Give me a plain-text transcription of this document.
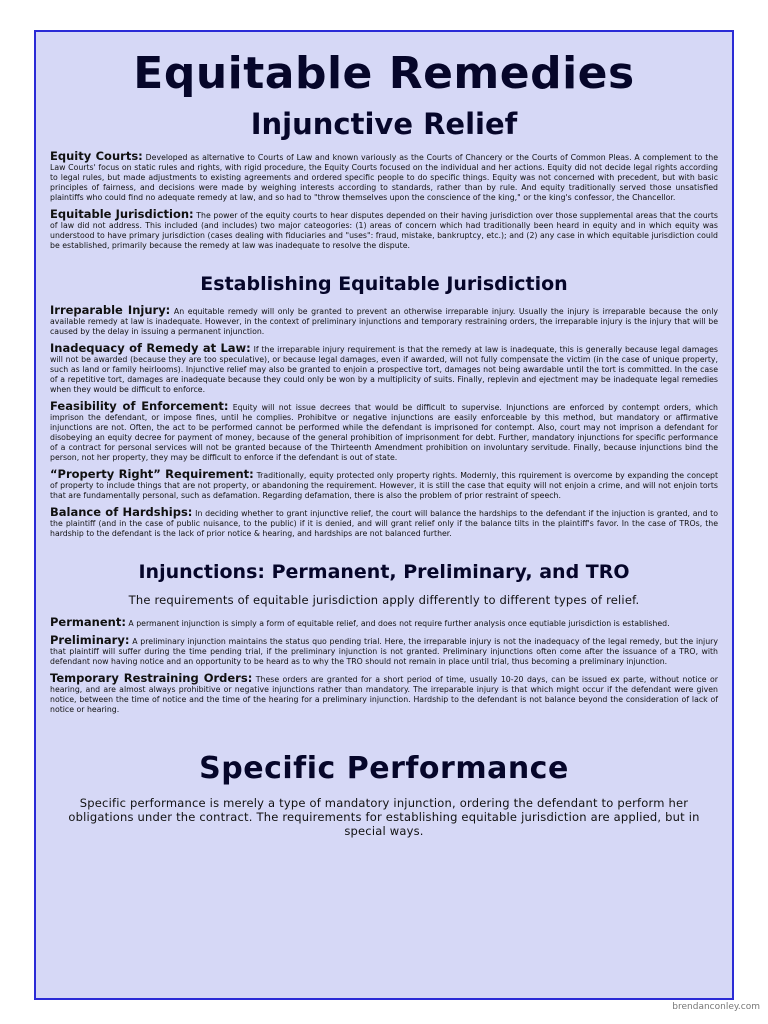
Equitable Remedies
Injunctive Relief

Equity Courts: Developed as alternative to Courts of Law and known variously as the Courts of Chancery or the Courts of Common Pleas. A complement to the Law Courts' focus on static rules and rights, with rigid procedure, the Equity Courts focused on the individual and her actions. Equity did not decide legal rights according to legal rules, but made adjustments to existing agreements and ordered specific people to do specific things. Equity was not concerned with precedent, but with basic principles of fairness, and decisions were made by weighing interests according to standards, rather than by rule. And equity traditionally served those unsatisfied plaintiffs who could find no adequate remedy at law, and so had to "throw themselves upon the conscience of the king," or the king's confessor, the Chancellor.

Equitable Jurisdiction: The power of the equity courts to hear disputes depended on their having jurisdiction over those supplemental areas that the courts of law did not address. This included (and includes) two major cateogories: (1) areas of concern which had traditionally been heard in equity and in which equity was understood to have primary jurisdiction (cases dealing with fiduciaries and "uses": fraud, mistake, bankruptcy, etc.); and (2) any case in which equitable jurisdiction could be established, primarily because the remedy at law was inadequate to resolve the dispute.

Establishing Equitable Jurisdiction

Irreparable Injury: An equitable remedy will only be granted to prevent an otherwise irreparable injury. Usually the injury is irreparable because the only available remedy at law is inadequate. However, in the context of preliminary injunctions and temporary restraining orders, the irreparable injury is the injury that will be caused by the delay in issuing a permanent injunction.

Inadequacy of Remedy at Law: If the irreparable injury requirement is that the remedy at law is inadequate, this is generally because legal damages will not be awarded (because they are too speculative), or because legal damages, even if awarded, will not fully compensate the victim (in the case of unique property, such as land or family heirlooms). Injunctive relief may also be granted to enjoin a prospective tort, damages not being awardable until the tort is committed. In the case of a repetitive tort, damages are inadequate because they could only be won by a multiplicity of suits. Finally, replevin and ejectment may be inadequate legal remedies when they would be difficult to enforce.

Feasibility of Enforcement: Equity will not issue decrees that would be difficult to supervise. Injunctions are enforced by contempt orders, which imprison the defendant, or impose fines, until he complies. Prohibitve or negative injunctions are easily enforceable by this method, but mandatory or affirmative injunctions are not. Often, the act to be performed cannot be performed while the defendant is imprisoned for contempt. Also, court may not imprison a defendant for disobeying an equity decree for payment of money, because of the general prohibition of imprisonment for debt. Further, mandatory injunctions for specific performance of a contract for personal services will not be granted because of the Thirteenth Amendment prohibition on involuntary servitude. Finally, because injunctions bind the person, not her property, they may be difficult to enforce if the defendant is out of state.

“Property Right” Requirement: Traditionally, equity protected only property rights. Modernly, this rquirement is overcome by expanding the concept of property to include things that are not property, or abandoning the requirement. However, it is still the case that equity will not enjoin a crime, and will not enjoin torts that are fundamentally personal, such as defamation. Regarding defamation, there is also the problem of prior restraint of speech.

Balance of Hardships: In deciding whether to grant injunctive relief, the court will balance the hardships to the defendant if the injuction is granted, and to the plaintiff (and in the case of public nuisance, to the public) if it is denied, and will grant relief only if the balance tilts in the plaintiff's favor. In the case of TROs, the hardship to the defendant is the lack of prior notice & hearing, and hardships are not balanced further.

Injunctions: Permanent, Preliminary, and TRO

The requirements of equitable jurisdiction apply differently to different types of relief.

Permanent: A permanent injunction is simply a form of equitable relief, and does not require further analysis once equtiable jurisdiction is established.

Preliminary: A preliminary injunction maintains the status quo pending trial. Here, the irreparable injury is not the inadequacy of the legal remedy, but the injury that plaintiff will suffer during the time pending trial, if the preliminary injunction is not granted. Preliminary injunctions often come after the issuance of a TRO, with defendant now having notice and an opportunity to be heard as to why the TRO should not remain in place until trial, thus becoming a preliminary injunction.

Temporary Restraining Orders: These orders are granted for a short period of time, usually 10-20 days, can be issued ex parte, without notice or hearing, and are almost always prohibitive or negative injunctions rather than mandatory. The irreparable injury is that which might occur if the defendant were given notice, between the time of notice and the time of the hearing for a preliminary injunction. Hardship to the defendant is not balance beyond the consideration of lack of notice or hearing.

Specific Performance

Specific performance is merely a type of mandatory injunction, ordering the defendant to perform her obligations under the contract. The requirements for establishing equitable jurisdiction are applied, but in special ways.

brendanconley.com
